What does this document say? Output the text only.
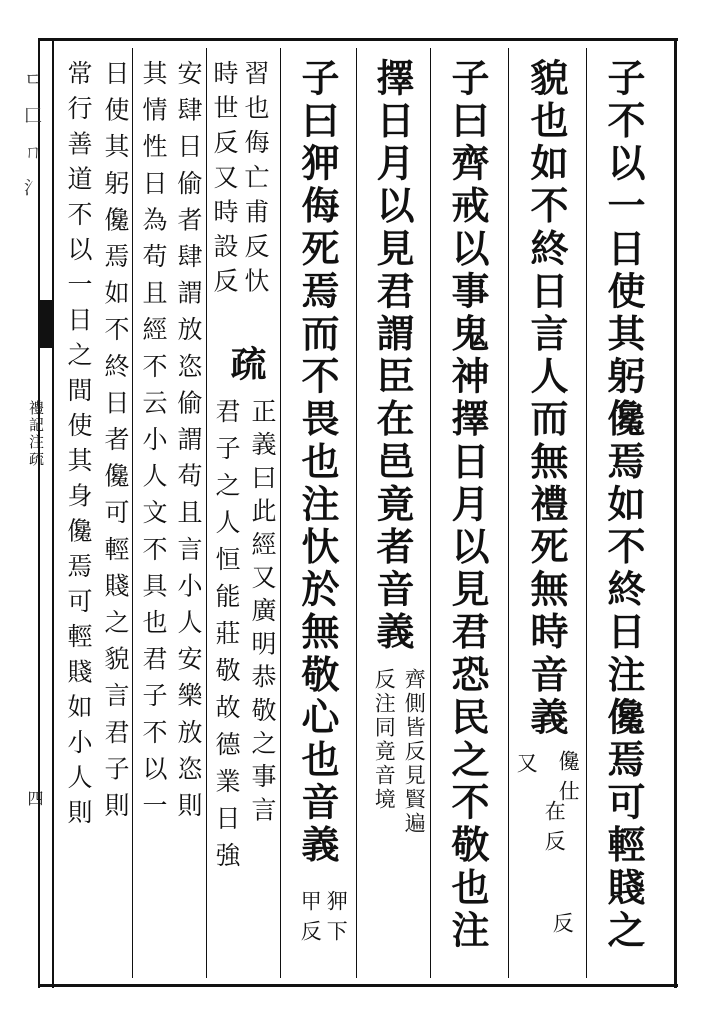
子不以一日使其躬儳焉如不終日注儳焉可輕賤之
貌也如不終日言人而無禮死無時音義
儳仕
又
在反
反
子曰齊戒以事鬼神擇日月以見君恐民之不敬也注
擇日月以見君謂臣在邑竟者音義
齊側皆反見賢遍
反注同竟音境
子曰狎侮死焉而不畏也注忕於無敬心也音義
狎下
甲反
習也侮亡甫反忕
疏
正義曰此經又廣明恭敬之事言
時世反又時設反
君子之人恒能莊敬故德業日強
安肆日偷者肆謂放恣偷謂苟且言小人安樂放恣則
其情性日為苟且經不云小人文不具也君子不以一
日使其躬儳焉如不終日者儳可輕賤之貌言君子則
常行善道不以一日之間使其身儳焉可輕賤如小人則
ㄷ匚ㄇ氵
禮記注疏
四
